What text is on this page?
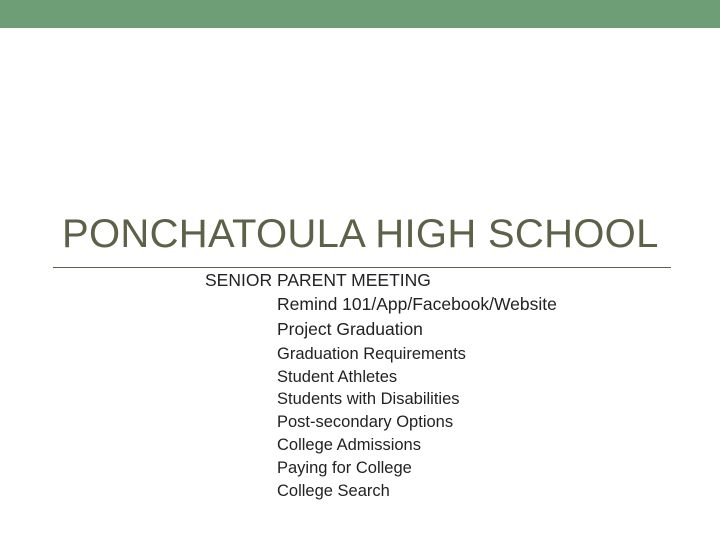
PONCHATOULA HIGH SCHOOL

SENIOR PARENT MEETING

Remind 101/App/Facebook/Website
Project Graduation
Graduation Requirements
Student Athletes
Students with Disabilities
Post-secondary Options
College Admissions
Paying for College
College Search
